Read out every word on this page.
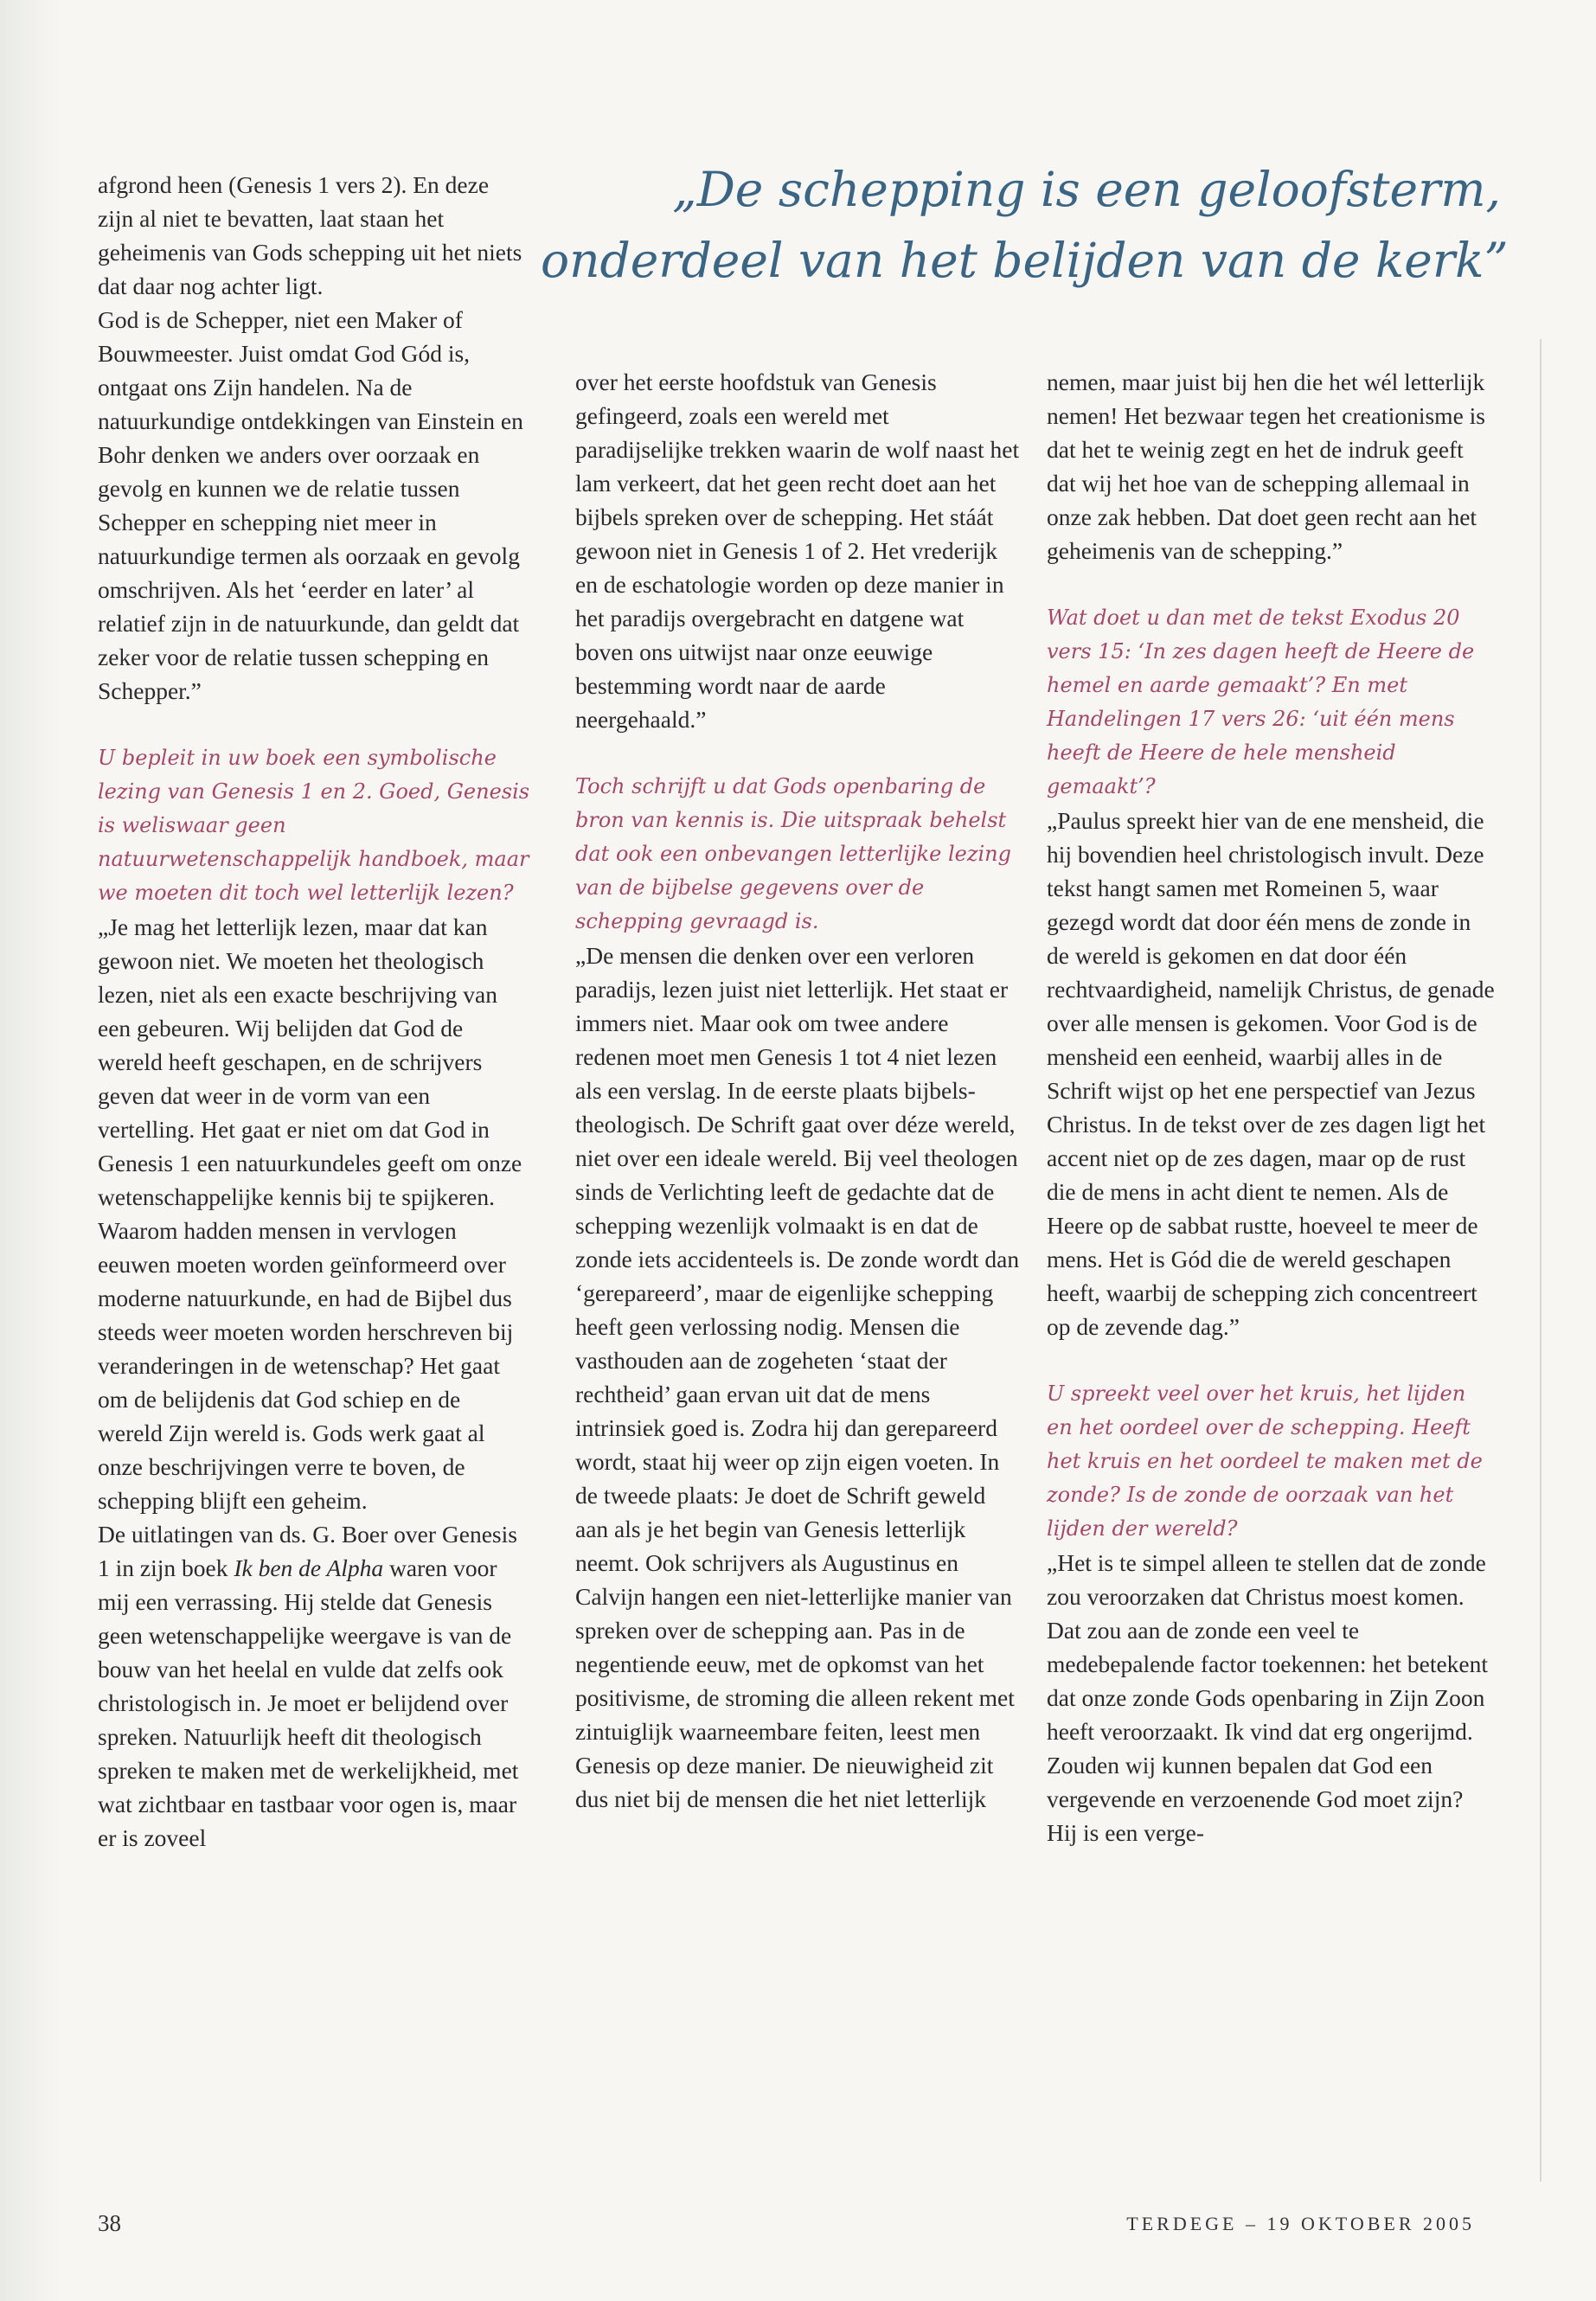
„De schepping is een geloofsterm,
onderdeel van het belijden van de kerk”

afgrond heen (Genesis 1 vers 2). En deze zijn al niet te bevatten, laat staan het geheimenis van Gods schepping uit het niets dat daar nog achter ligt.

God is de Schepper, niet een Maker of Bouwmeester. Juist omdat God Gód is, ontgaat ons Zijn handelen. Na de natuurkundige ontdekkingen van Einstein en Bohr denken we anders over oorzaak en gevolg en kunnen we de relatie tussen Schepper en schepping niet meer in natuurkundige termen als oorzaak en gevolg omschrijven. Als het ‘eerder en later’ al relatief zijn in de natuurkunde, dan geldt dat zeker voor de relatie tussen schepping en Schepper.”

U bepleit in uw boek een symbolische lezing van Genesis 1 en 2. Goed, Genesis is weliswaar geen natuurwetenschappelijk handboek, maar we moeten dit toch wel letterlijk lezen?

„Je mag het letterlijk lezen, maar dat kan gewoon niet. We moeten het theologisch lezen, niet als een exacte beschrijving van een gebeuren. Wij belijden dat God de wereld heeft geschapen, en de schrijvers geven dat weer in de vorm van een vertelling. Het gaat er niet om dat God in Genesis 1 een natuurkundeles geeft om onze wetenschappelijke kennis bij te spijkeren. Waarom hadden mensen in vervlogen eeuwen moeten worden geïnformeerd over moderne natuurkunde, en had de Bijbel dus steeds weer moeten worden herschreven bij veranderingen in de wetenschap? Het gaat om de belijdenis dat God schiep en de wereld Zijn wereld is. Gods werk gaat al onze beschrijvingen verre te boven, de schepping blijft een geheim.

De uitlatingen van ds. G. Boer over Genesis 1 in zijn boek Ik ben de Alpha waren voor mij een verrassing. Hij stelde dat Genesis geen wetenschappelijke weergave is van de bouw van het heelal en vulde dat zelfs ook christologisch in. Je moet er belijdend over spreken. Natuurlijk heeft dit theologisch spreken te maken met de werkelijkheid, met wat zichtbaar en tastbaar voor ogen is, maar er is zoveel

over het eerste hoofdstuk van Genesis gefingeerd, zoals een wereld met paradijselijke trekken waarin de wolf naast het lam verkeert, dat het geen recht doet aan het bijbels spreken over de schepping. Het stáát gewoon niet in Genesis 1 of 2. Het vrederijk en de eschatologie worden op deze manier in het paradijs overgebracht en datgene wat boven ons uitwijst naar onze eeuwige bestemming wordt naar de aarde neergehaald.”

Toch schrijft u dat Gods openbaring de bron van kennis is. Die uitspraak behelst dat ook een onbevangen letterlijke lezing van de bijbelse gegevens over de schepping gevraagd is.

„De mensen die denken over een verloren paradijs, lezen juist niet letterlijk. Het staat er immers niet. Maar ook om twee andere redenen moet men Genesis 1 tot 4 niet lezen als een verslag. In de eerste plaats bijbels-theologisch. De Schrift gaat over déze wereld, niet over een ideale wereld. Bij veel theologen sinds de Verlichting leeft de gedachte dat de schepping wezenlijk volmaakt is en dat de zonde iets accidenteels is. De zonde wordt dan ‘gerepareerd’, maar de eigenlijke schepping heeft geen verlossing nodig. Mensen die vasthouden aan de zogeheten ‘staat der rechtheid’ gaan ervan uit dat de mens intrinsiek goed is. Zodra hij dan gerepareerd wordt, staat hij weer op zijn eigen voeten. In de tweede plaats: Je doet de Schrift geweld aan als je het begin van Genesis letterlijk neemt. Ook schrijvers als Augustinus en Calvijn hangen een niet-letterlijke manier van spreken over de schepping aan. Pas in de negentiende eeuw, met de opkomst van het positivisme, de stroming die alleen rekent met zintuiglijk waarneembare feiten, leest men Genesis op deze manier. De nieuwigheid zit dus niet bij de mensen die het niet letterlijk

nemen, maar juist bij hen die het wél letterlijk nemen! Het bezwaar tegen het creationisme is dat het te weinig zegt en het de indruk geeft dat wij het hoe van de schepping allemaal in onze zak hebben. Dat doet geen recht aan het geheimenis van de schepping.”

Wat doet u dan met de tekst Exodus 20 vers 15: ‘In zes dagen heeft de Heere de hemel en aarde gemaakt’? En met Handelingen 17 vers 26: ‘uit één mens heeft de Heere de hele mensheid gemaakt’?

„Paulus spreekt hier van de ene mensheid, die hij bovendien heel christologisch invult. Deze tekst hangt samen met Romeinen 5, waar gezegd wordt dat door één mens de zonde in de wereld is gekomen en dat door één rechtvaardigheid, namelijk Christus, de genade over alle mensen is gekomen. Voor God is de mensheid een eenheid, waarbij alles in de Schrift wijst op het ene perspectief van Jezus Christus. In de tekst over de zes dagen ligt het accent niet op de zes dagen, maar op de rust die de mens in acht dient te nemen. Als de Heere op de sabbat rustte, hoeveel te meer de mens. Het is Gód die de wereld geschapen heeft, waarbij de schepping zich concentreert op de zevende dag.”

U spreekt veel over het kruis, het lijden en het oordeel over de schepping. Heeft het kruis en het oordeel te maken met de zonde? Is de zonde de oorzaak van het lijden der wereld?

„Het is te simpel alleen te stellen dat de zonde zou veroorzaken dat Christus moest komen. Dat zou aan de zonde een veel te medebepalende factor toekennen: het betekent dat onze zonde Gods openbaring in Zijn Zoon heeft veroorzaakt. Ik vind dat erg ongerijmd. Zouden wij kunnen bepalen dat God een vergevende en verzoenende God moet zijn? Hij is een verge-

38	TERDEGE – 19 OKTOBER 2005
